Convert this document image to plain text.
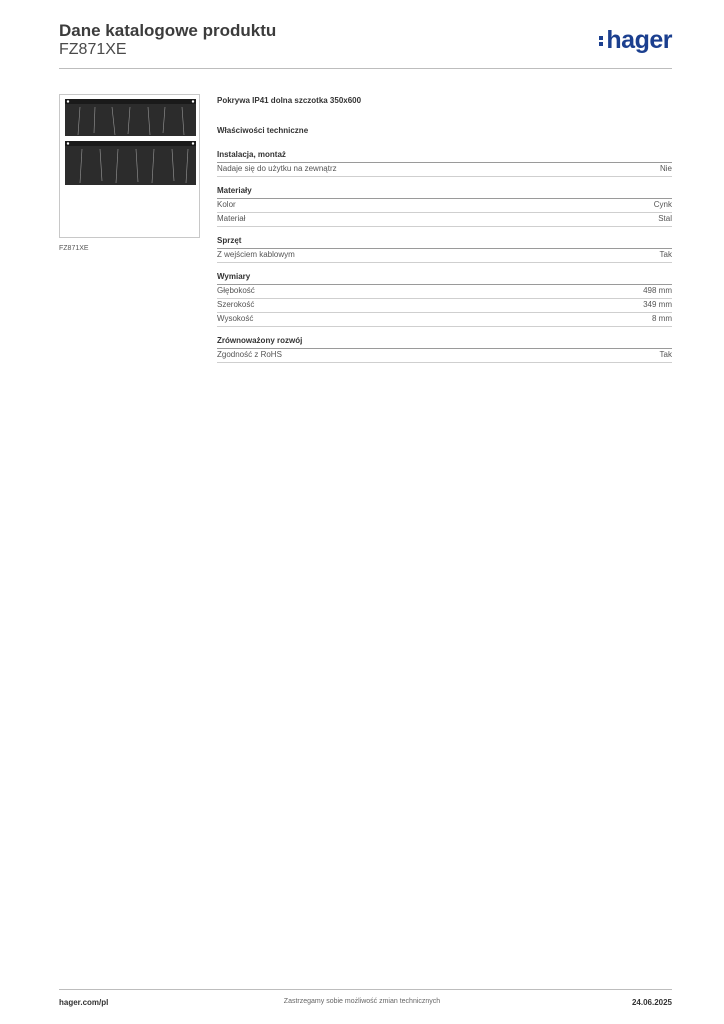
Dane katalogowe produktu
FZ871XE	hager
FZ871XE
Pokrywa IP41 dolna szczotka 350x600
Właściwości techniczne
Instalacja, montaż
Nadaje się do użytku na zewnątrz	Nie
Materiały
Kolor	Cynk
Materiał	Stal
Sprzęt
Z wejściem kablowym	Tak
Wymiary
Głębokość	498 mm
Szerokość	349 mm
Wysokość	8 mm
Zrównoważony rozwój
Zgodność z RoHS	Tak
hager.com/pl	Zastrzegamy sobie możliwość zmian technicznych	24.06.2025
